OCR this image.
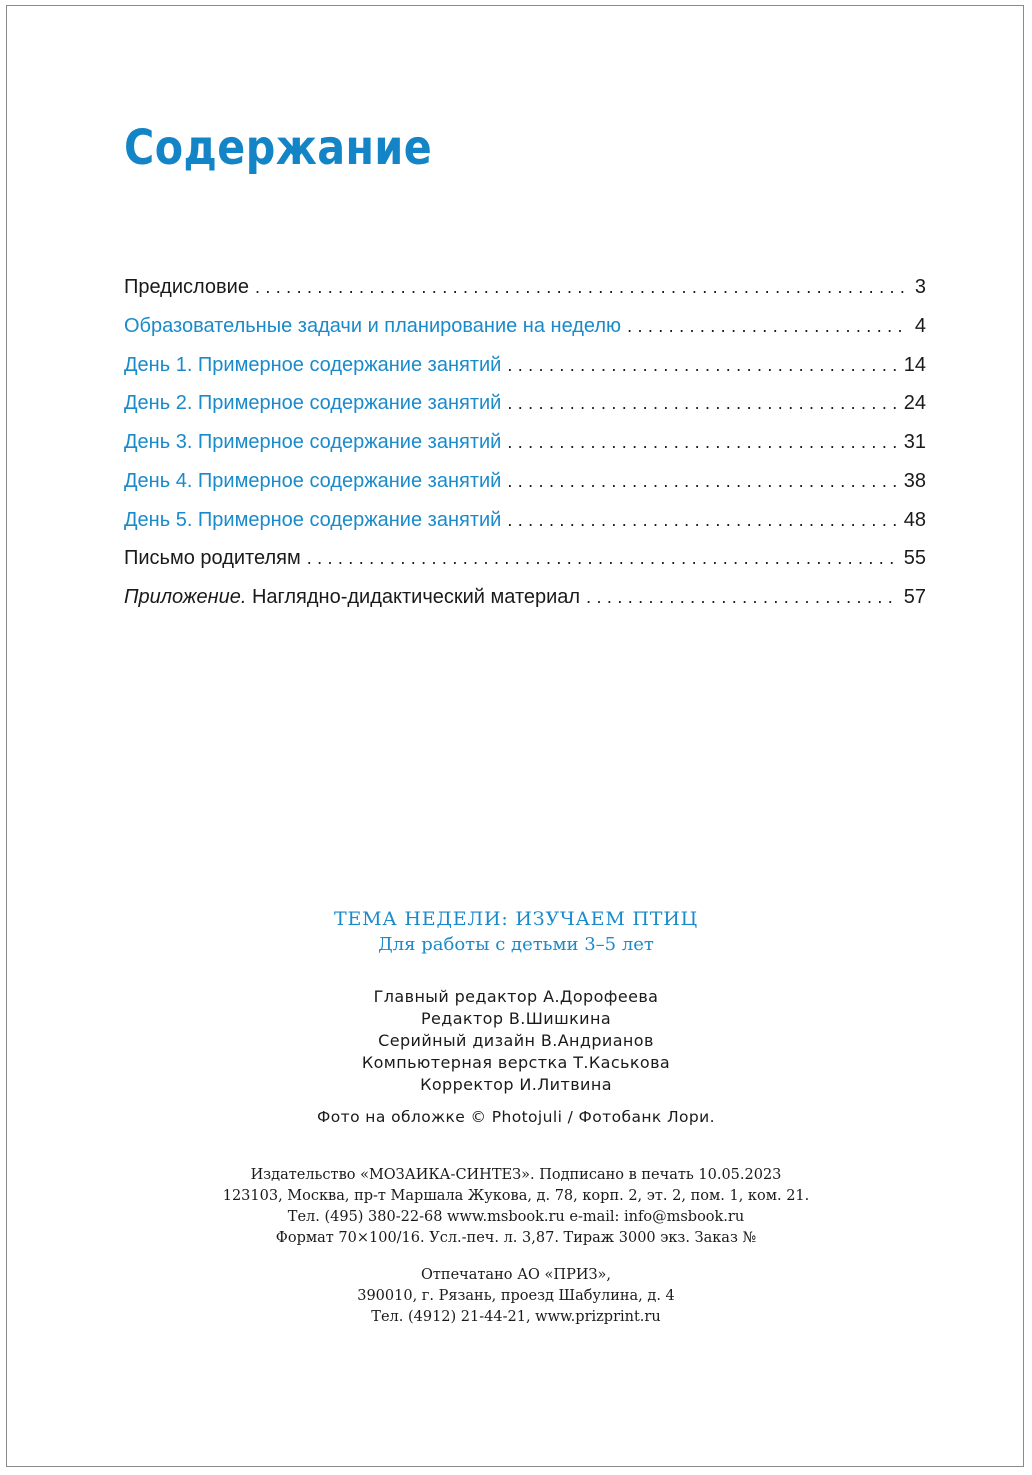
Содержание
Предисловие . . .	3
Образовательные задачи и планирование на неделю . . .	4
День 1. Примерное содержание занятий . . .	14
День 2. Примерное содержание занятий . . .	24
День 3. Примерное содержание занятий . . .	31
День 4. Примерное содержание занятий . . .	38
День 5. Примерное содержание занятий . . .	48
Письмо родителям . . .	55
Приложение. Наглядно-дидактический материал . . .	57
ТЕМА НЕДЕЛИ: ИЗУЧАЕМ ПТИЦ
Для работы с детьми 3–5 лет
Главный редактор А.Дорофеева
Редактор В.Шишкина
Серийный дизайн В.Андрианов
Компьютерная верстка Т.Каськова
Корректор И.Литвина
Фото на обложке © Photojuli / Фотобанк Лори.
Издательство «МОЗАИКА-СИНТЕЗ». Подписано в печать 10.05.2023
123103, Москва, пр-т Маршала Жукова, д. 78, корп. 2, эт. 2, пом. 1, ком. 21.
Тел. (495) 380-22-68 www.msbook.ru e-mail: info@msbook.ru
Формат 70×100/16. Усл.-печ. л. 3,87. Тираж 3000 экз. Заказ №
Отпечатано АО «ПРИЗ»,
390010, г. Рязань, проезд Шабулина, д. 4
Тел. (4912) 21-44-21, www.prizprint.ru
